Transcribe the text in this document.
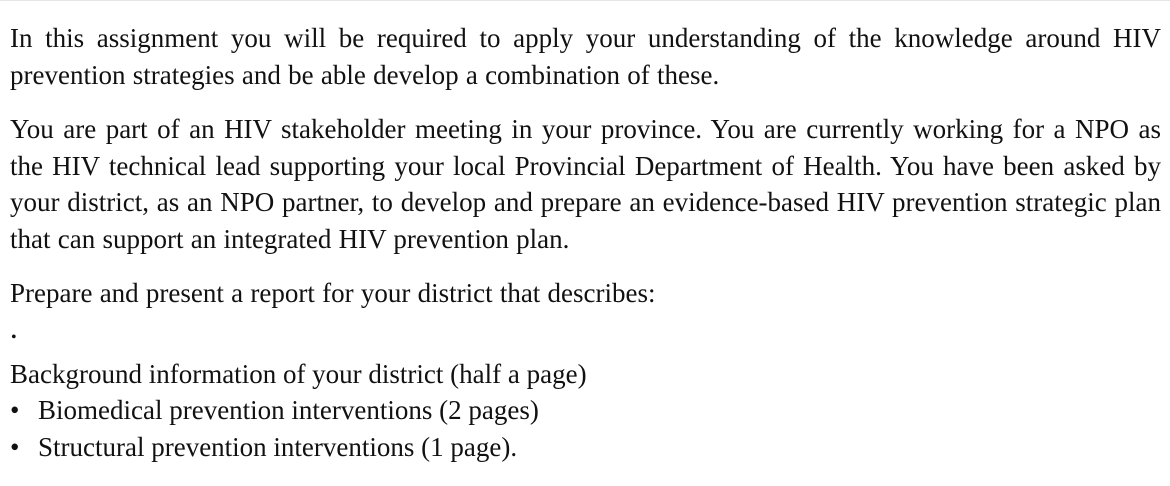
In this assignment you will be required to apply your understanding of the knowledge around HIV prevention strategies and be able develop a combination of these.

You are part of an HIV stakeholder meeting in your province. You are currently working for a NPO as the HIV technical lead supporting your local Provincial Department of Health. You have been asked by your district, as an NPO partner, to develop and prepare an evidence-based HIV prevention strategic plan that can support an integrated HIV prevention plan.

Prepare and present a report for your district that describes:

•
Background information of your district (half a page)
• Biomedical prevention interventions (2 pages)
• Structural prevention interventions (1 page).
